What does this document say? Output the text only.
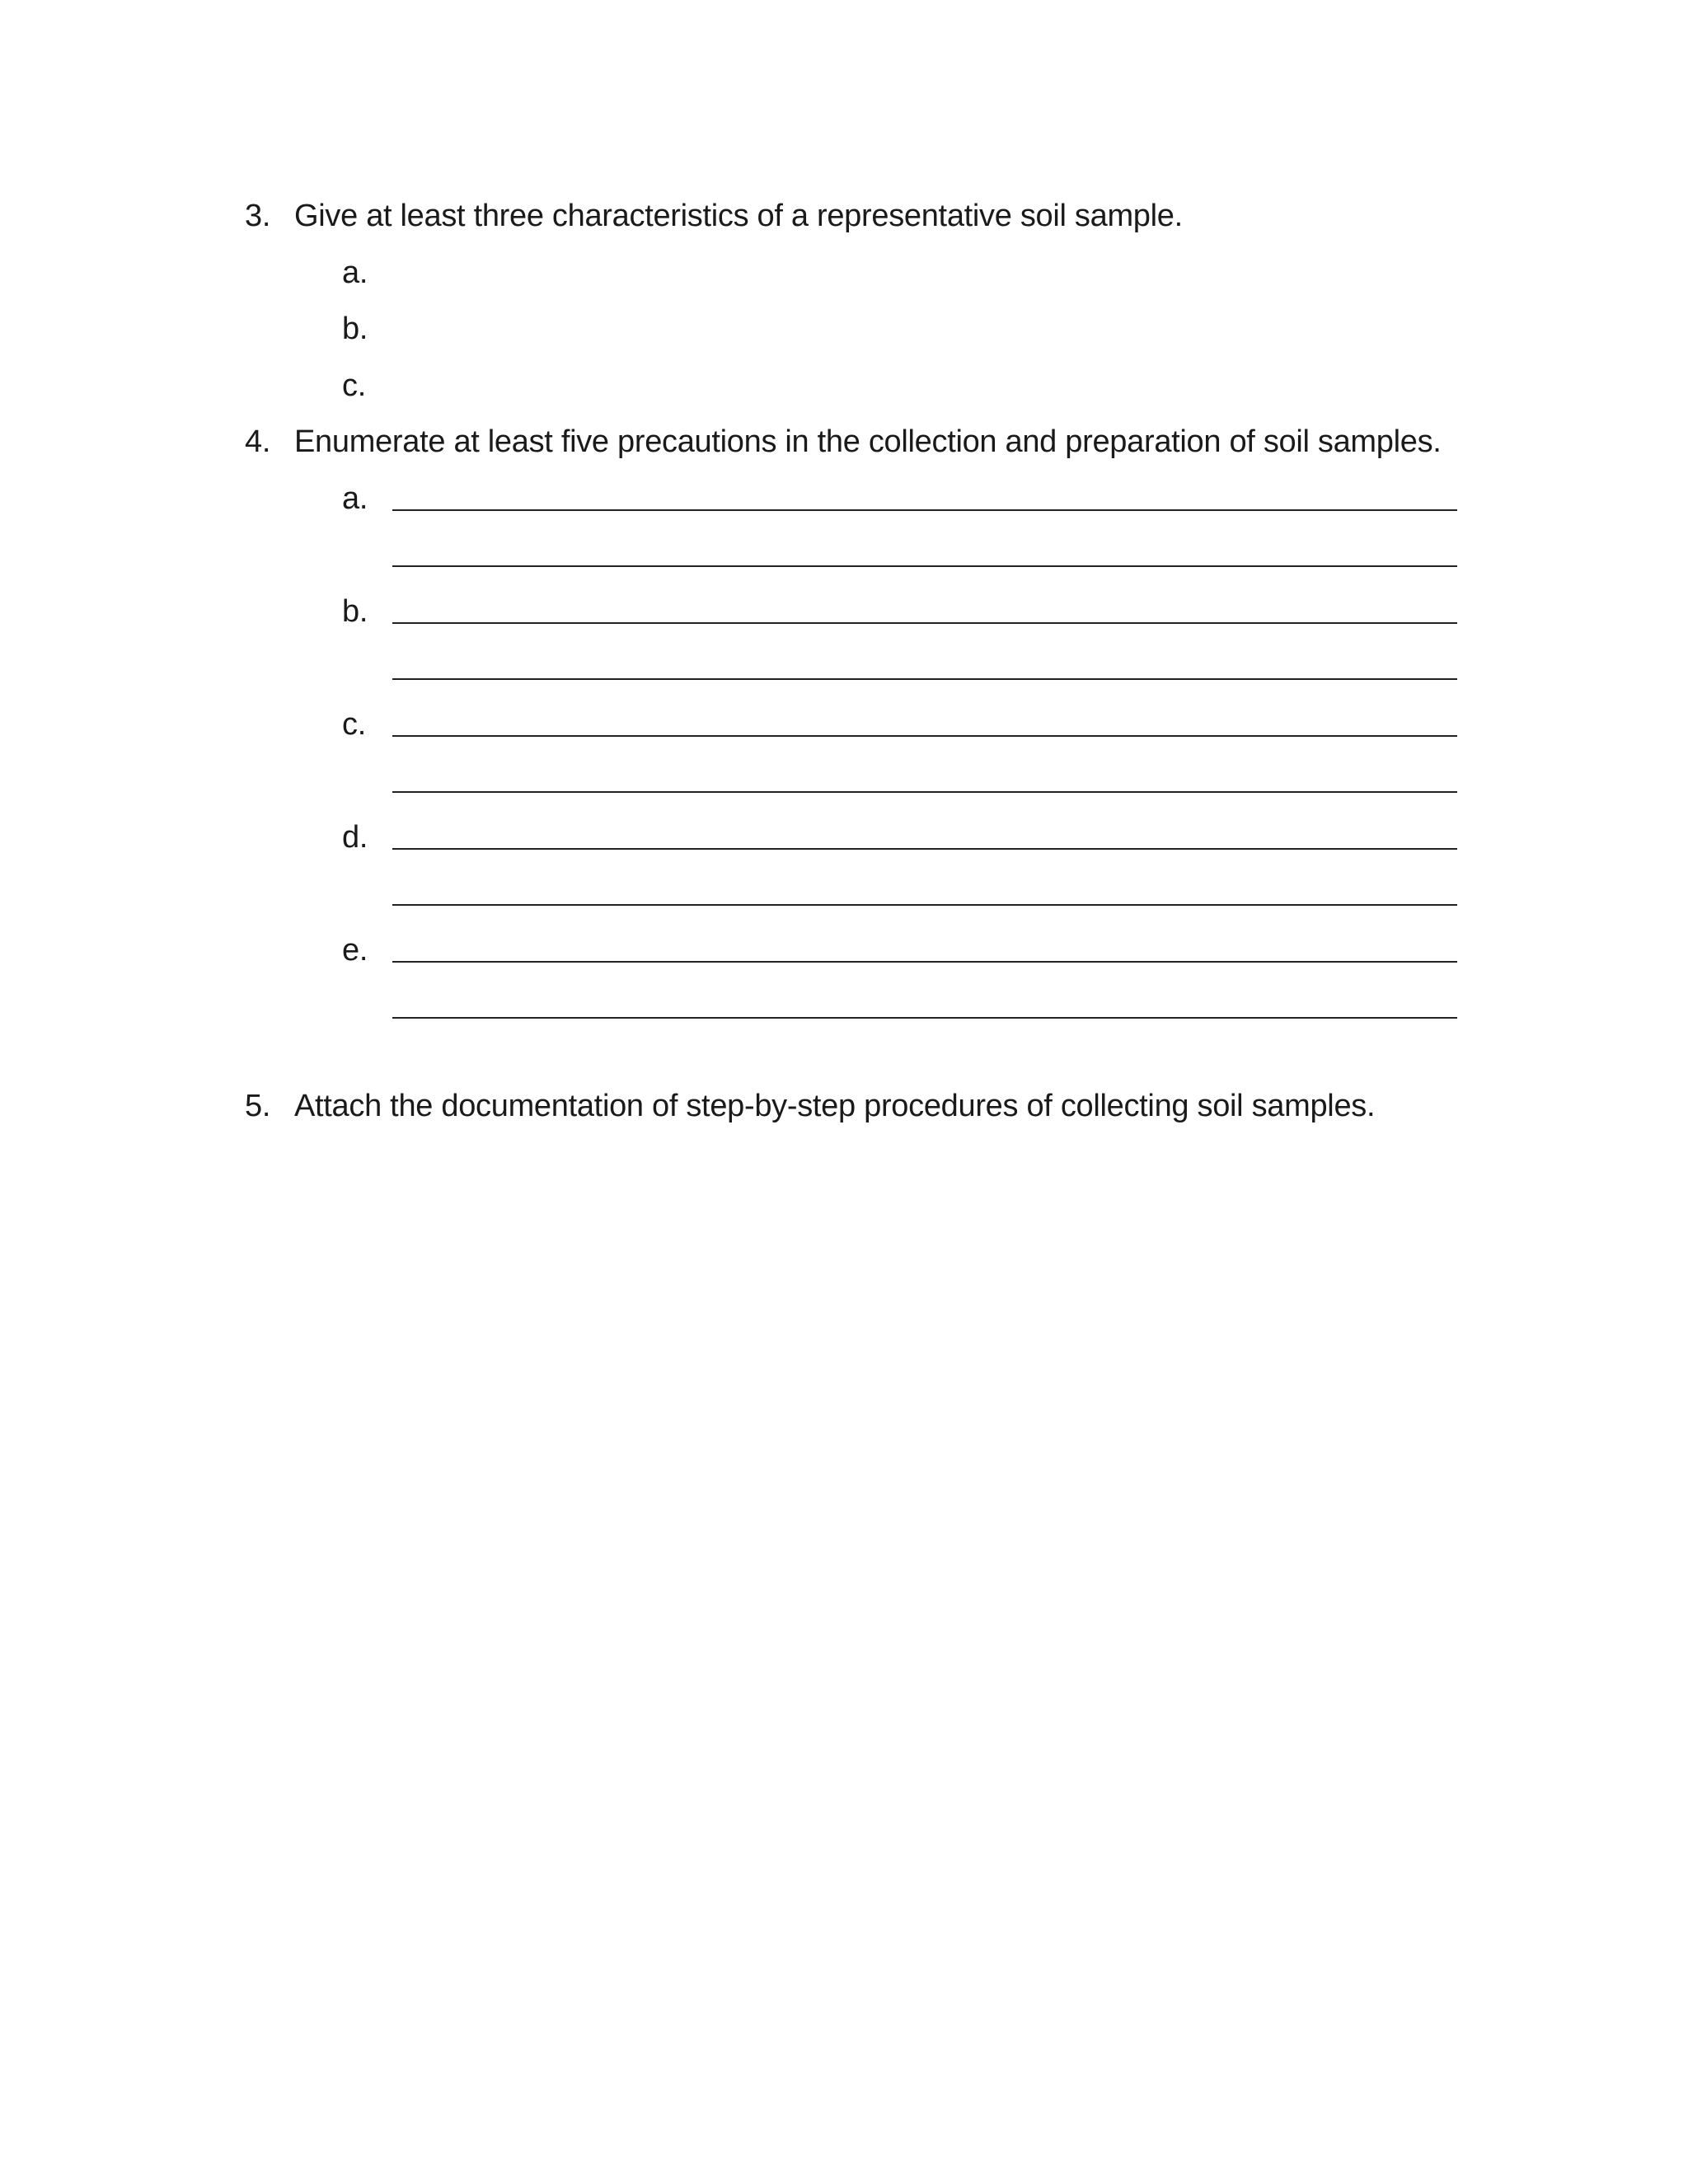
3. Give at least three characteristics of a representative soil sample.
a.
b.
c.
4. Enumerate at least five precautions in the collection and preparation of soil samples.
a.
b.
c.
d.
e.
5. Attach the documentation of step-by-step procedures of collecting soil samples.
